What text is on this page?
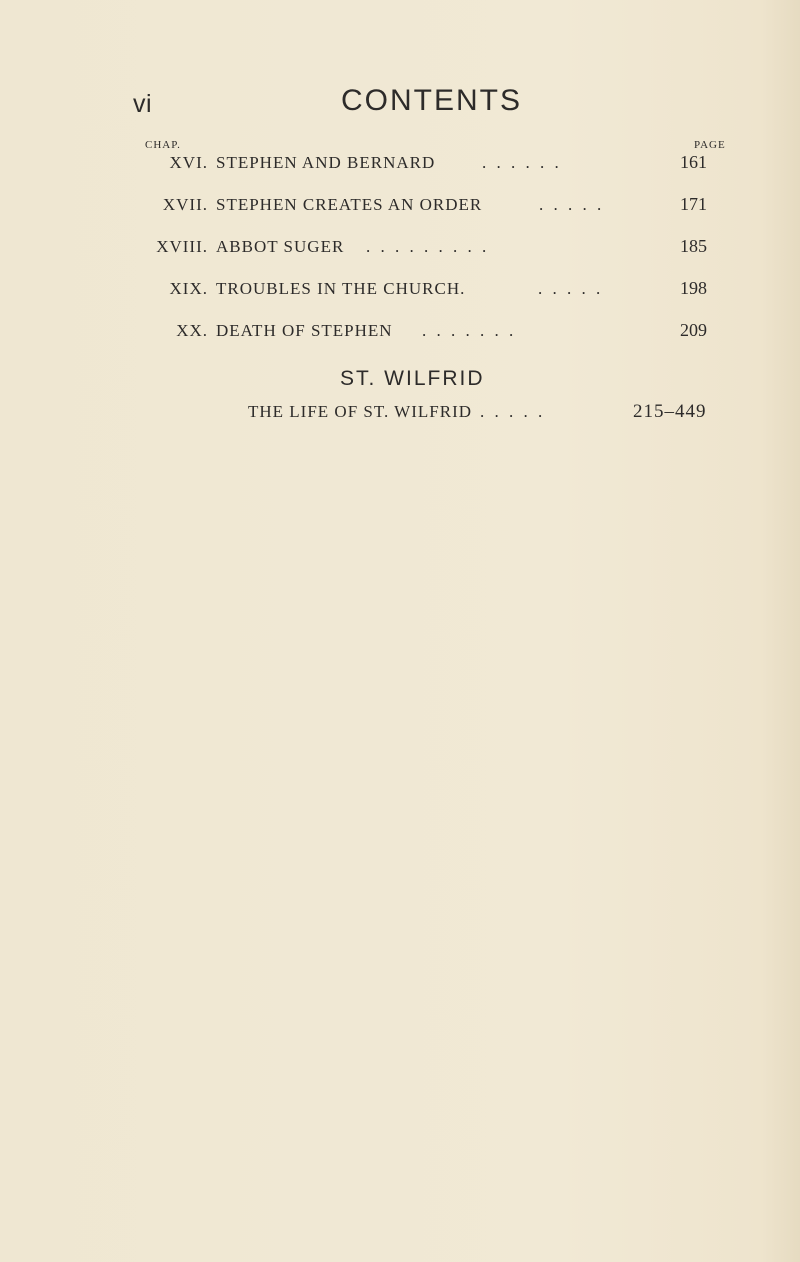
vi	CONTENTS
CHAP.	PAGE
XVI. STEPHEN AND BERNARD	. . . . . .	161
XVII. STEPHEN CREATES AN ORDER	. . . . .	171
XVIII. ABBOT SUGER . . . . . . . . .	185
XIX. TROUBLES IN THE CHURCH.	. . . . .	198
XX. DEATH OF STEPHEN . . . . . . .	209
ST. WILFRID
THE LIFE OF ST. WILFRID . . . . .	215–449
